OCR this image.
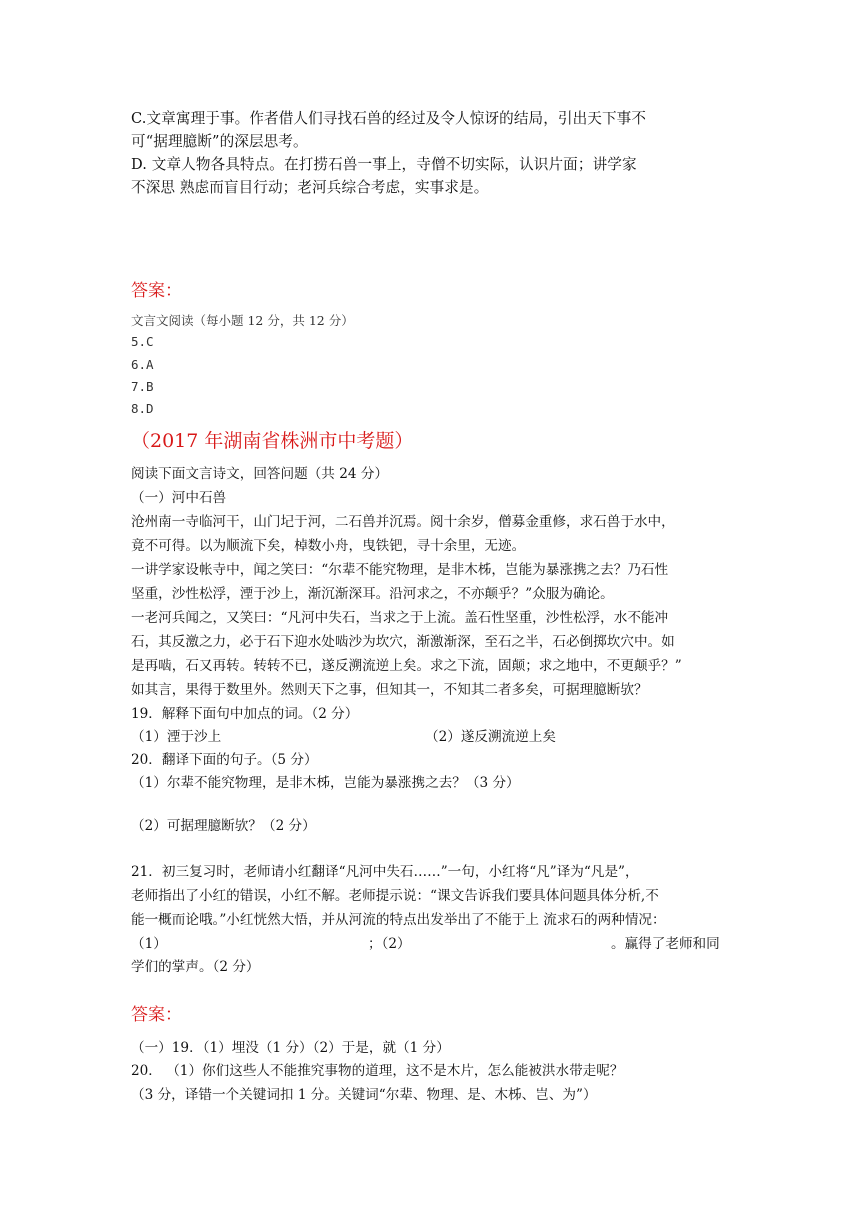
C.文章寓理于事。作者借人们寻找石兽的经过及令人惊讶的结局，引出天下事不
可“据理臆断”的深层思考。
D. 文章人物各具特点。在打捞石兽一事上，寺僧不切实际，认识片面；讲学家
不深思 熟虑而盲目行动；老河兵综合考虑，实事求是。
答案：
文言文阅读（每小题 12 分，共 12 分）
5.C
6.A
7.B
8.D
（2017 年湖南省株洲市中考题）
阅读下面文言诗文，回答问题（共 24 分）
（一）河中石兽
沧州南一寺临河干，山门圮于河，二石兽并沉焉。阅十余岁，僧募金重修，求石兽于水中，
竟不可得。以为顺流下矣，棹数小舟，曳铁钯，寻十余里，无迹。
一讲学家设帐寺中，闻之笑曰：“尔辈不能究物理，是非木柹，岂能为暴涨携之去？乃石性
坚重，沙性松浮，湮于沙上，渐沉渐深耳。沿河求之，不亦颠乎？”众服为确论。
一老河兵闻之，又笑曰：“凡河中失石，当求之于上流。盖石性坚重，沙性松浮，水不能冲
石，其反激之力，必于石下迎水处啮沙为坎穴，渐激渐深，至石之半，石必倒掷坎穴中。如
是再啮，石又再转。转转不已，遂反溯流逆上矣。求之下流，固颠；求之地中，不更颠乎？”
如其言，果得于数里外。然则天下之事，但知其一，不知其二者多矣，可据理臆断欤？
19．解释下面句中加点的词。（2 分）
（1）湮于沙上	（2）遂反溯流逆上矣
20．翻译下面的句子。（5 分）
（1）尔辈不能究物理，是非木柹，岂能为暴涨携之去？（3 分）
（2）可据理臆断欤？（2 分）
21．初三复习时，老师请小红翻译“凡河中失石……”一句，小红将“凡”译为“凡是”，
老师指出了小红的错误，小红不解。老师提示说：“课文告诉我们要具体问题具体分析,不
能一概而论哦。”小红恍然大悟，并从河流的特点出发举出了不能于上 流求石的两种情况：
（1）	；（2）	。赢得了老师和同
学们的掌声。（2 分）
答案：
（一）19．（1）埋没（1 分）（2）于是，就（1 分）
20． （1）你们这些人不能推究事物的道理，这不是木片，怎么能被洪水带走呢？
（3 分，译错一个关键词扣 1 分。关键词“尔辈、物理、是、木柹、岂、为”）
